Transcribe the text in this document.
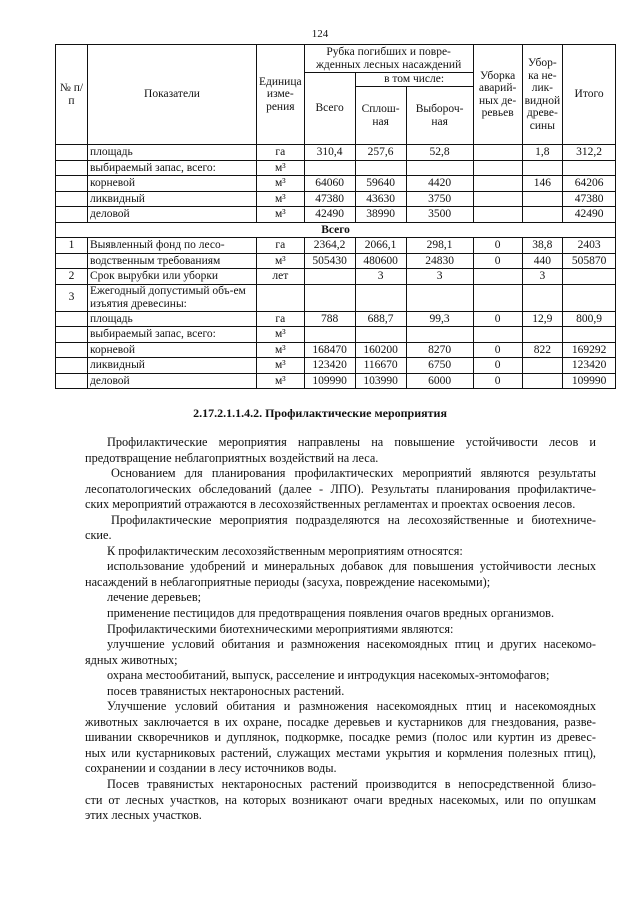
124
№ п/п	Показатели	Единица изме-рения	Рубка погибших и повре-жденных лесных насаждений			Уборка аварий-ных де-ревьев	Убор-ка не-лик-видной древе-сины	Итого
			Всего	в том числе:				
				Сплош-ная	Выбороч-ная			
	площадь	га	310,4	257,6	52,8		1,8	312,2
	выбираемый запас, всего:	м³						
	корневой	м³	64060	59640	4420		146	64206
	ликвидный	м³	47380	43630	3750			47380
	деловой	м³	42490	38990	3500			42490
Всего								
1	Выявленный фонд по лесо-	га	2364,2	2066,1	298,1	0	38,8	2403
	водственным требованиям	м³	505430	480600	24830	0	440	505870
2	Срок вырубки или уборки	лет		3	3		3	
3	Ежегодный допустимый объ-ем изъятия древесины:							
	площадь	га	788	688,7	99,3	0	12,9	800,9
	выбираемый запас, всего:	м³						
	корневой	м³	168470	160200	8270	0	822	169292
	ликвидный	м³	123420	116670	6750	0		123420
	деловой	м³	109990	103990	6000	0		109990
2.17.2.1.1.4.2. Профилактические мероприятия
Профилактические мероприятия направлены на повышение устойчивости лесов и
предотвращение неблагоприятных воздействий на леса.
Основанием для планирования профилактических мероприятий являются результаты
лесопатологических обследований (далее - ЛПО). Результаты планирования профилактиче-
ских мероприятий отражаются в лесохозяйственных регламентах и проектах освоения лесов.
Профилактические мероприятия подразделяются на лесохозяйственные и биотехниче-
ские.
К профилактическим лесохозяйственным мероприятиям относятся:
использование удобрений и минеральных добавок для повышения устойчивости лесных
насаждений в неблагоприятные периоды (засуха, повреждение насекомыми);
лечение деревьев;
применение пестицидов для предотвращения появления очагов вредных организмов.
Профилактическими биотехническими мероприятиями являются:
улучшение условий обитания и размножения насекомоядных птиц и других насекомо-
ядных животных;
охрана местообитаний, выпуск, расселение и интродукция насекомых-энтомофагов;
посев травянистых нектароносных растений.
Улучшение условий обитания и размножения насекомоядных птиц и насекомоядных
животных заключается в их охране, посадке деревьев и кустарников для гнездования, разве-
шивании скворечников и дуплянок, подкормке, посадке ремиз (полос или куртин из древес-
ных или кустарниковых растений, служащих местами укрытия и кормления полезных птиц),
сохранении и создании в лесу источников воды.
Посев травянистых нектароносных растений производится в непосредственной близо-
сти от лесных участков, на которых возникают очаги вредных насекомых, или по опушкам
этих лесных участков.
